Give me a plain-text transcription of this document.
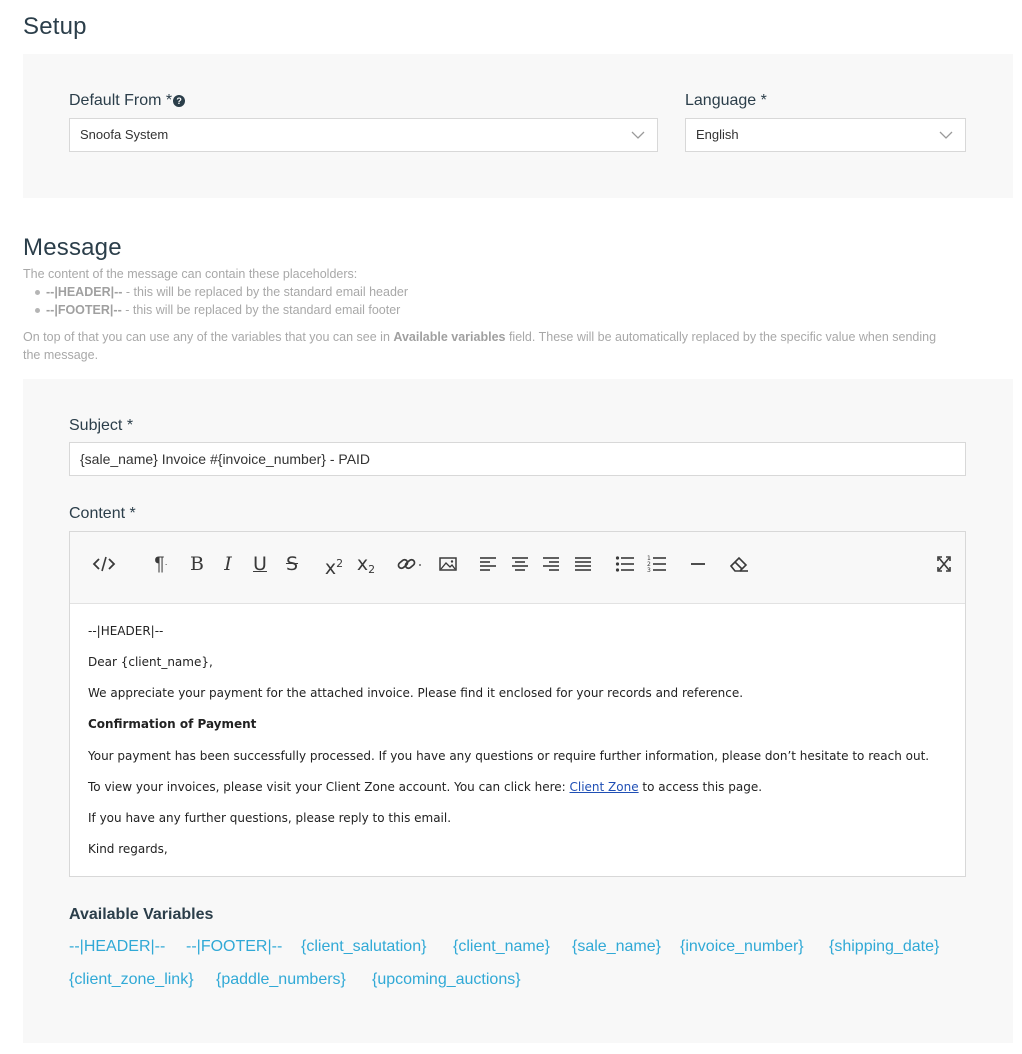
Setup
Default From * ?
Snoofa System
Language *
English
Message
The content of the message can contain these placeholders:
--|HEADER|-- - this will be replaced by the standard email header
--|FOOTER|-- - this will be replaced by the standard email footer
On top of that you can use any of the variables that you can see in Available variables field. These will be automatically replaced by the specific value when sending
the message.
Subject *
{sale_name} Invoice #{invoice_number} - PAID
Content *
¶·	B I U S $x^2$ x2
1
2
3

--|HEADER|--

Dear {client_name},

We appreciate your payment for the attached invoice. Please find it enclosed for your records and reference.

Confirmation of Payment

Your payment has been successfully processed. If you have any questions or require further information, please don’t hesitate to reach out.

To view your invoices, please visit your Client Zone account. You can click here: Client Zone to access this page.

If you have any further questions, please reply to this email.

Kind regards,

Available Variables
--|HEADER|-- --|FOOTER|-- {client_salutation} {client_name} {sale_name} {invoice_number} {shipping_date}
{client_zone_link} {paddle_numbers} {upcoming_auctions}
